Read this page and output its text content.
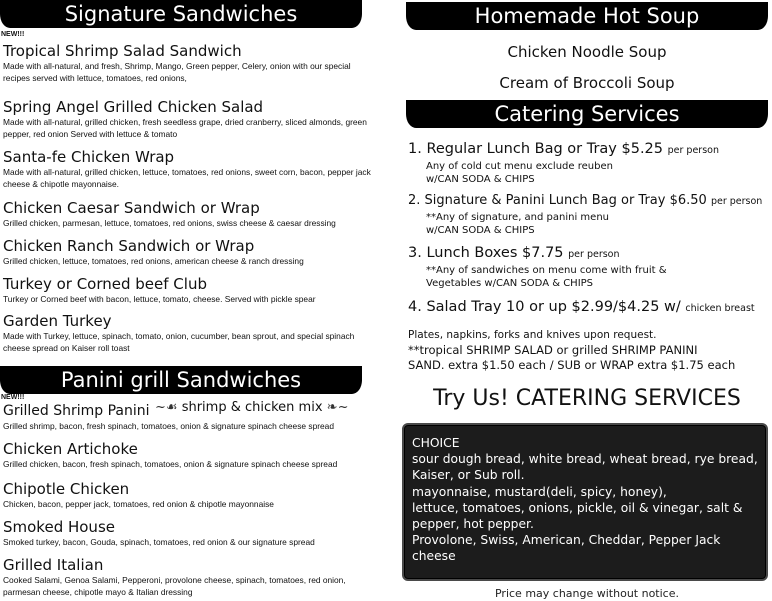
Signature Sandwiches
NEW!!!
Tropical Shrimp Salad Sandwich
Made with all-natural, and fresh, Shrimp, Mango, Green pepper, Celery, onion with our special recipes served with lettuce, tomatoes, red onions,
Spring Angel Grilled Chicken Salad
Made with all-natural, grilled chicken, fresh seedless grape, dried cranberry, sliced almonds, green pepper, red onion Served with lettuce & tomato
Santa-fe Chicken Wrap
Made with all-natural, grilled chicken, lettuce, tomatoes, red onions, sweet corn, bacon, pepper jack cheese & chipotle mayonnaise.
Chicken Caesar Sandwich or Wrap
Grilled chicken, parmesan, lettuce, tomatoes, red onions, swiss cheese & caesar dressing
Chicken Ranch Sandwich or Wrap
Grilled chicken, lettuce, tomatoes, red onions, american cheese & ranch dressing
Turkey or Corned beef Club
Turkey or Corned beef with bacon, lettuce, tomato, cheese. Served with pickle spear
Garden Turkey
Made with Turkey, lettuce, spinach, tomato, onion, cucumber, bean sprout, and special spinach cheese spread on Kaiser roll toast
Panini grill Sandwiches
NEW!!!
~☙ shrimp & chicken mix ❧~
Grilled Shrimp Panini
Grilled shrimp, bacon, fresh spinach, tomatoes, onion & signature spinach cheese spread
Chicken Artichoke
Grilled chicken, bacon, fresh spinach, tomatoes, onion & signature spinach cheese spread
Chipotle Chicken
Chicken, bacon, pepper jack, tomatoes, red onion & chipotle mayonnaise
Smoked House
Smoked turkey, bacon, Gouda, spinach, tomatoes, red onion & our signature spread
Grilled Italian
Cooked Salami, Genoa Salami, Pepperoni, provolone cheese, spinach, tomatoes, red onion, parmesan cheese, chipotle mayo & Italian dressing
Homemade Hot Soup
Chicken Noodle Soup
Cream of Broccoli Soup
Catering Services
1. Regular Lunch Bag or Tray $5.25 per person
Any of cold cut menu exclude reuben
w/CAN SODA & CHIPS
2. Signature & Panini Lunch Bag or Tray $6.50 per person
**Any of signature, and panini menu
w/CAN SODA & CHIPS
3. Lunch Boxes $7.75 per person
**Any of sandwiches on menu come with fruit &
Vegetables w/CAN SODA & CHIPS
4. Salad Tray 10 or up $2.99/$4.25 w/ chicken breast
Plates, napkins, forks and knives upon request.
**tropical SHRIMP SALAD or grilled SHRIMP PANINI
SAND. extra $1.50 each / SUB or WRAP extra $1.75 each
Try Us! CATERING SERVICES
CHOICE
sour dough bread, white bread, wheat bread, rye bread, Kaiser, or Sub roll.
mayonnaise, mustard(deli, spicy, honey),
lettuce, tomatoes, onions, pickle, oil & vinegar, salt & pepper, hot pepper.
Provolone, Swiss, American, Cheddar, Pepper Jack cheese
Price may change without notice.
